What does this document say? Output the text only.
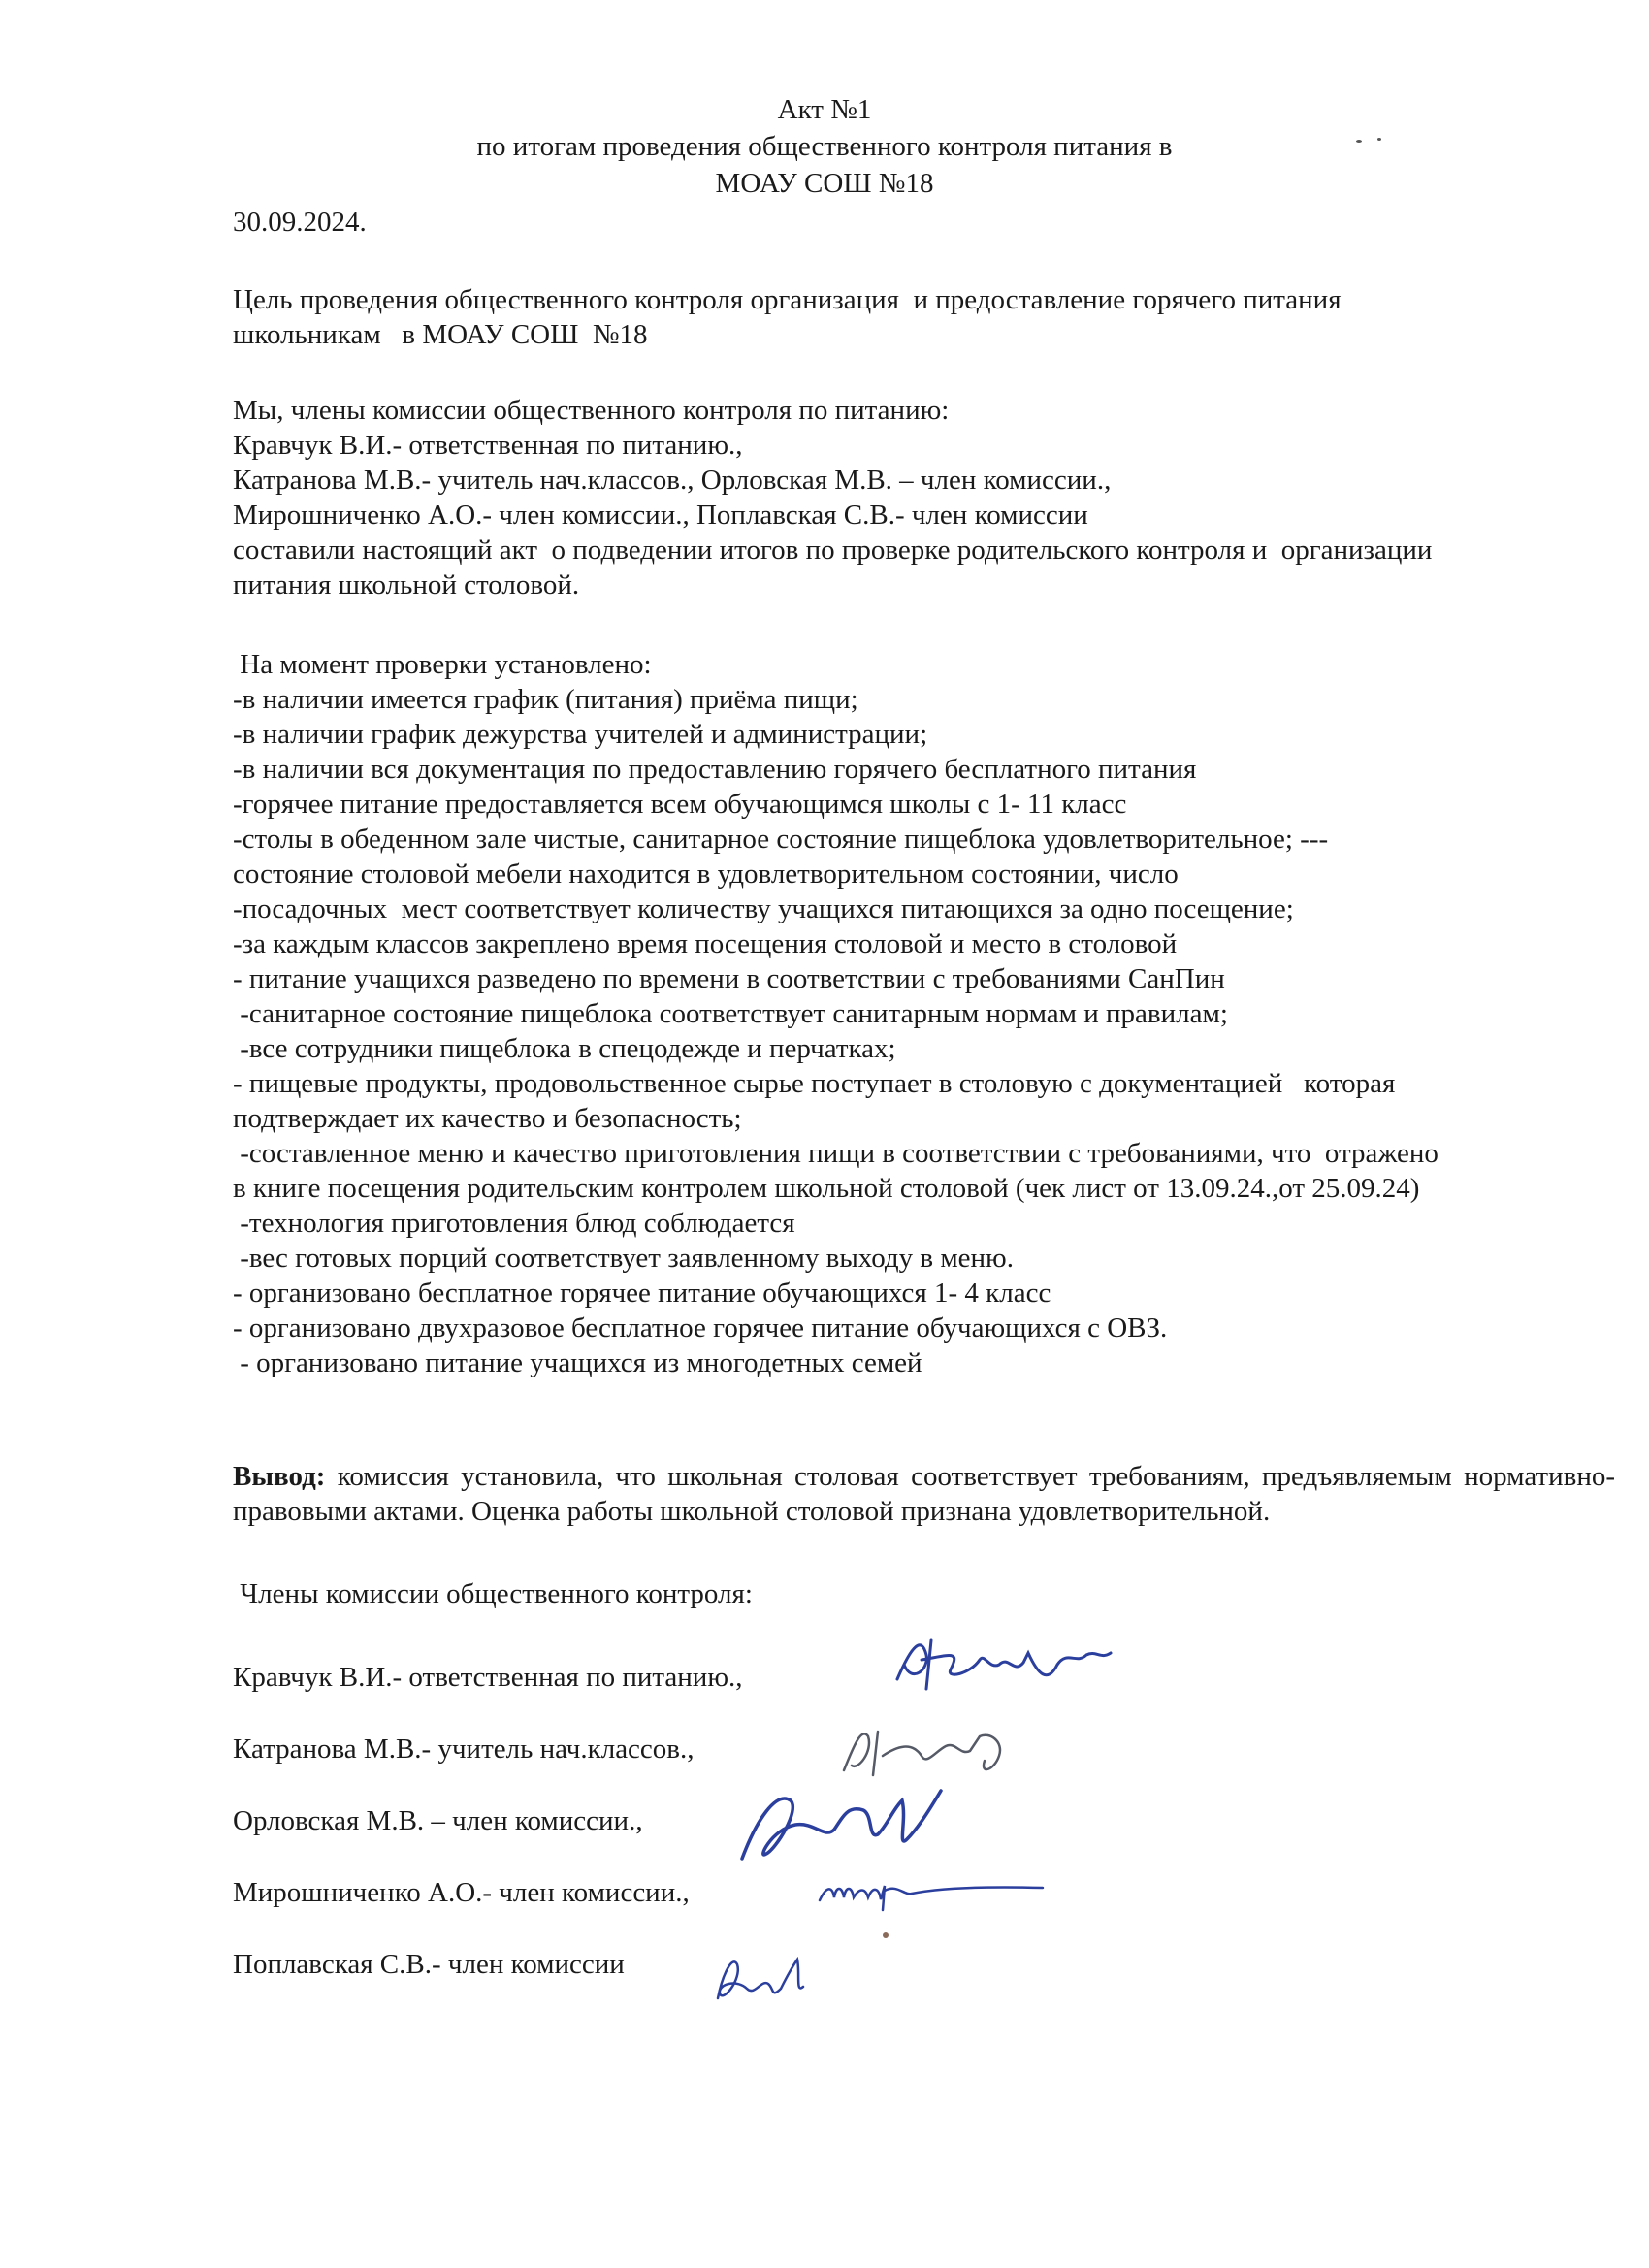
Акт №1
по итогам проведения общественного контроля питания в
МОАУ СОШ №18
30.09.2024.
Цель проведения общественного контроля организация  и предоставление горячего питания
школьникам   в МОАУ СОШ  №18
Мы, члены комиссии общественного контроля по питанию:
Кравчук В.И.- ответственная по питанию.,
Катранова М.В.- учитель нач.классов., Орловская М.В. – член комиссии.,
Мирошниченко А.О.- член комиссии., Поплавская С.В.- член комиссии
составили настоящий акт  о подведении итогов по проверке родительского контроля и  организации
питания школьной столовой.
На момент проверки установлено:
-в наличии имеется график (питания) приёма пищи;
-в наличии график дежурства учителей и администрации;
-в наличии вся документация по предоставлению горячего бесплатного питания
-горячее питание предоставляется всем обучающимся школы с 1- 11 класс
-столы в обеденном зале чистые, санитарное состояние пищеблока удовлетворительное; ---
состояние столовой мебели находится в удовлетворительном состоянии, число
-посадочных  мест соответствует количеству учащихся питающихся за одно посещение;
-за каждым классов закреплено время посещения столовой и место в столовой
- питание учащихся разведено по времени в соответствии с требованиями СанПин
-санитарное состояние пищеблока соответствует санитарным нормам и правилам;
-все сотрудники пищеблока в спецодежде и перчатках;
- пищевые продукты, продовольственное сырье поступает в столовую с документацией   которая
подтверждает их качество и безопасность;
-составленное меню и качество приготовления пищи в соответствии с требованиями, что  отражено
в книге посещения родительским контролем школьной столовой (чек лист от 13.09.24.,от 25.09.24)
-технология приготовления блюд соблюдается
-вес готовых порций соответствует заявленному выходу в меню.
- организовано бесплатное горячее питание обучающихся 1- 4 класс
- организовано двухразовое бесплатное горячее питание обучающихся с ОВЗ.
- организовано питание учащихся из многодетных семей
Вывод: комиссия установила, что школьная столовая соответствует требованиям, предъявляемым нормативно-правовыми актами. Оценка работы школьной столовой признана удовлетворительной.
Члены комиссии общественного контроля:
Кравчук В.И.- ответственная по питанию.,
Катранова М.В.- учитель нач.классов.,
Орловская М.В. – член комиссии.,
Мирошниченко А.О.- член комиссии.,
Поплавская С.В.- член комиссии
